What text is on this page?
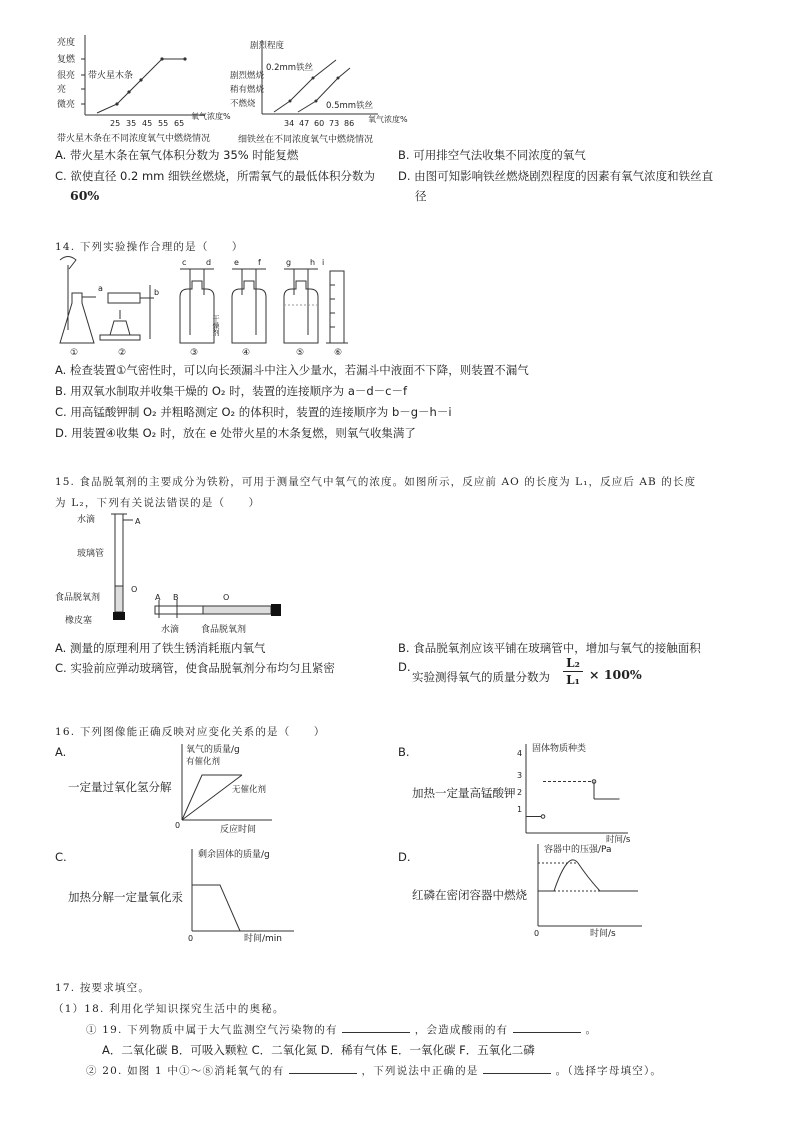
亮度
复燃
很亮
亮
微亮
带火星木条
25 35 45 55 65
氧气浓度%
带火星木条在不同浓度氧气中燃烧情况
剧烈程度
剧烈燃烧
稍有燃烧
不燃烧
0.2mm铁丝
0.5mm铁丝
34 47 60 73 86 氧气浓度%
细铁丝在不同浓度氧气中燃烧情况
A. 带火星木条在氧气体积分数为 35% 时能复燃	B. 可用排空气法收集不同浓度的氧气
C. 欲使直径 0.2 mm 细铁丝燃烧，所需氧气的最低体积分数为
60%
D. 由图可知影响铁丝燃烧剧烈程度的因素有氧气浓度和铁丝直
径
14. 下列实验操作合理的是（　　）
a
①
b
②
c d
③
e f
干燥剂
④
g h
⑤
i
⑥
A. 检查装置①气密性时，可以向长颈漏斗中注入少量水，若漏斗中液面不下降，则装置不漏气
B. 用双氧水制取并收集干燥的 O₂ 时，装置的连接顺序为 a－d－c－f
C. 用高锰酸钾制 O₂ 并粗略测定 O₂ 的体积时，装置的连接顺序为 b－g－h－i
D. 用装置④收集 O₂ 时，放在 e 处带火星的木条复燃，则氧气收集满了
15. 食品脱氧剂的主要成分为铁粉，可用于测量空气中氧气的浓度。如图所示，反应前 AO 的长度为 L₁，反应后 AB 的长度
为 L₂，下列有关说法错误的是（　　）
水滴	A
玻璃管
食品脱氧剂
橡皮塞
O
A B	O
水滴 食品脱氧剂
A. 测量的原理利用了铁生锈消耗瓶内氧气	B. 食品脱氧剂应该平铺在玻璃管中，增加与氧气的接触面积
C. 实验前应弹动玻璃管，使食品脱氧剂分布均匀且紧密	D.
实验测得氧气的质量分数为 $\frac{\text{L₂}}{\text{L₁}} \times 100\%$
16. 下列图像能正确反映对应变化关系的是（　　）
A.
一定量过氧化氢分解
氧气的质量/g
0
有催化剂
无催化剂
反应时间
B.
加热一定量高锰酸钾
固体物质种类
4
3
2
1
时间/s
C.
加热分解一定量氧化汞
剩余固体的质量/g
0	时间/min
D.
红磷在密闭容器中燃烧
容器中的压强/Pa
0	时间/s
17. 按要求填空。
（1）18. 利用化学知识探究生活中的奥秘。
① 19. 下列物质中属于大气监测空气污染物的有	，会造成酸雨的有	。
A．二氧化碳 B．可吸入颗粒 C．二氧化氮 D．稀有气体 E．一氧化碳 F．五氧化二磷
② 20. 如图 1 中①～⑧消耗氧气的有	，下列说法中正确的是	。（选择字母填空）。
